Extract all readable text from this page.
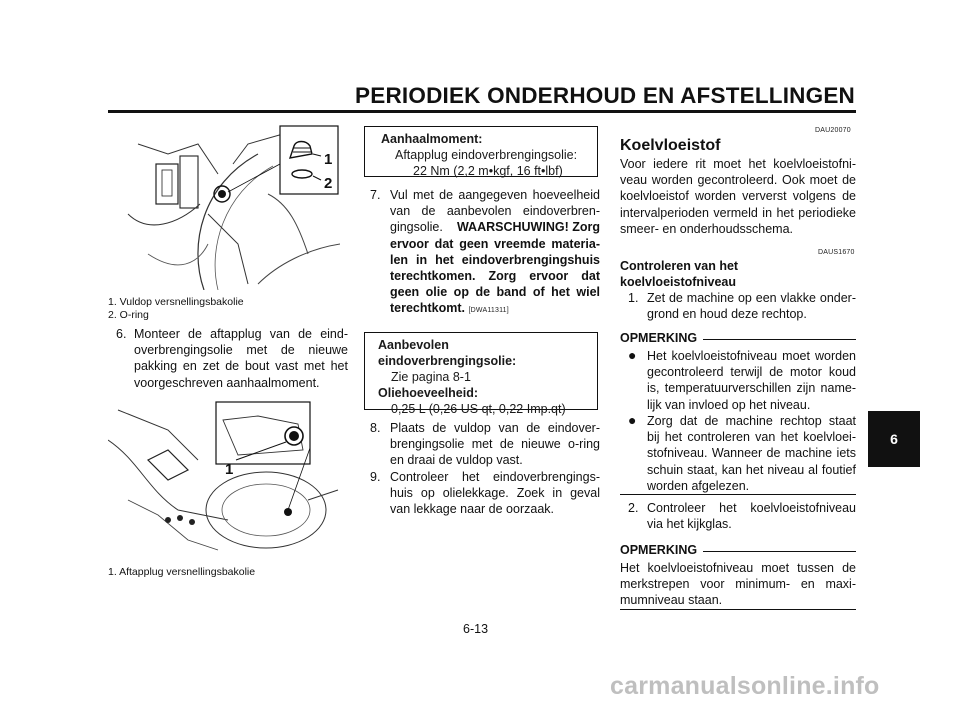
PERIODIEK ONDERHOUD EN AFSTELLINGEN
6
1
2
1. Vuldop versnellingsbakolie
2. O-ring
6. Monteer de aftapplug van de eind-
overbrengingsolie met de nieuwe
pakking en zet de bout vast met het
voorgeschreven aanhaalmoment.
1
1. Aftapplug versnellingsbakolie
Aanhaalmoment:
Aftapplug eindoverbrengingsolie:
22 Nm (2,2 m•kgf, 16 ft•lbf)
7. Vul met de aangegeven hoeveelheid
van de aanbevolen eindoverbren-
gingsolie. WAARSCHUWING! Zorg
ervoor dat geen vreemde materia-
len in het eindoverbrengingshuis
terechtkomen. Zorg ervoor dat
geen olie op de band of het wiel
terechtkomt. [DWA11311]
Aanbevolen
eindoverbrengingsolie:
Zie pagina 8-1
Oliehoeveelheid:
0,25 L (0,26 US qt, 0,22 Imp.qt)
8. Plaats de vuldop van de eindover-
brengingsolie met de nieuwe o-ring
en draai de vuldop vast.
9. Controleer het eindoverbrengings-
huis op olielekkage. Zoek in geval
van lekkage naar de oorzaak.
DAU20070
Koelvloeistof
Voor iedere rit moet het koelvloeistofni-
veau worden gecontroleerd. Ook moet de
koelvloeistof worden ververst volgens de
intervalperioden vermeld in het periodieke
smeer- en onderhoudsschema.
DAUS1670
Controleren van het
koelvloeistofniveau
1. Zet de machine op een vlakke onder-
grond en houd deze rechtop.
OPMERKING
● Het koelvloeistofniveau moet worden
gecontroleerd terwijl de motor koud
is, temperatuurverschillen zijn name-
lijk van invloed op het niveau.
● Zorg dat de machine rechtop staat
bij het controleren van het koelvloei-
stofniveau. Wanneer de machine iets
schuin staat, kan het niveau al foutief
worden afgelezen.
2. Controleer het koelvloeistofniveau
via het kijkglas.
OPMERKING
Het koelvloeistofniveau moet tussen de
merkstrepen voor minimum- en maxi-
mumniveau staan.
6-13
carmanualsonline.info
